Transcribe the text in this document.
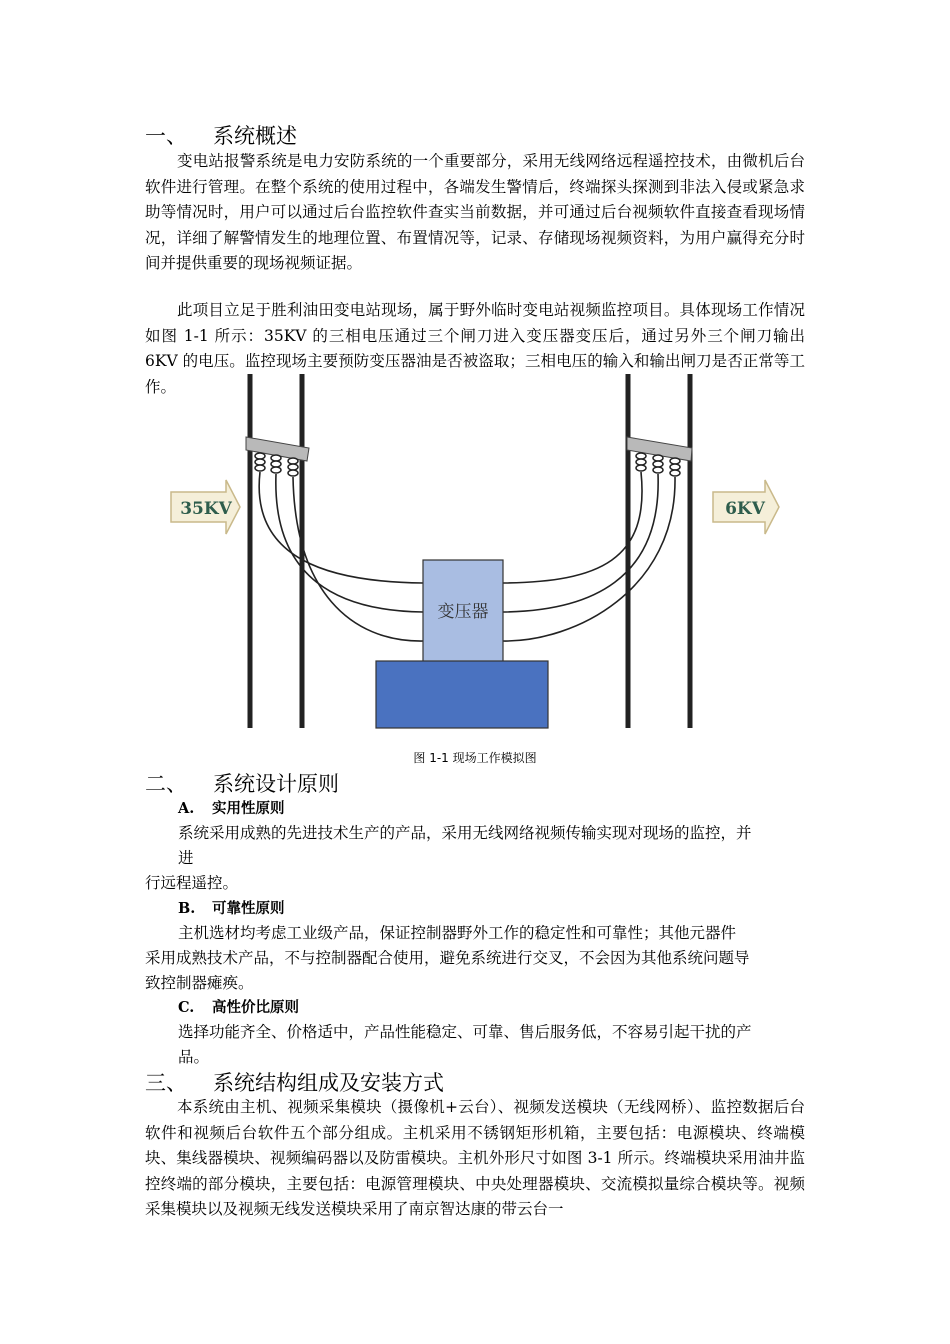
一、 系统概述

变电站报警系统是电力安防系统的一个重要部分，采用无线网络远程遥控技术，由微机后台软件进行管理。在整个系统的使用过程中，各端发生警情后，终端探头探测到非法入侵或紧急求助等情况时，用户可以通过后台监控软件查实当前数据，并可通过后台视频软件直接查看现场情况，详细了解警情发生的地理位置、布置情况等，记录、存储现场视频资料，为用户赢得充分时间并提供重要的现场视频证据。

此项目立足于胜利油田变电站现场，属于野外临时变电站视频监控项目。具体现场工作情况如图 1-1 所示：35KV 的三相电压通过三个闸刀进入变压器变压后，通过另外三个闸刀输出 6KV 的电压。监控现场主要预防变压器油是否被盗取；三相电压的输入和输出闸刀是否正常等工作。

变压器
35KV	6KV
图 1-1 现场工作模拟图
二、 系统设计原则
A. 实用性原则

系统采用成熟的先进技术生产的产品，采用无线网络视频传输实现对现场的监控，并

进

行远程遥控。

B. 可靠性原则

主机选材均考虑工业级产品，保证控制器野外工作的稳定性和可靠性；其他元器件

采用成熟技术产品，不与控制器配合使用，避免系统进行交叉，不会因为其他系统问题导

致控制器瘫痪。

C. 高性价比原则

选择功能齐全、价格适中，产品性能稳定、可靠、售后服务低，不容易引起干扰的产

品。

三、 系统结构组成及安装方式

本系统由主机、视频采集模块（摄像机+云台）、视频发送模块（无线网桥）、监控数据后台软件和视频后台软件五个部分组成。主机采用不锈钢矩形机箱，主要包括：电源模块、终端模块、集线器模块、视频编码器以及防雷模块。主机外形尺寸如图 3-1 所示。终端模块采用油井监控终端的部分模块，主要包括：电源管理模块、中央处理器模块、交流模拟量综合模块等。视频采集模块以及视频无线发送模块采用了南京智达康的带云台一
